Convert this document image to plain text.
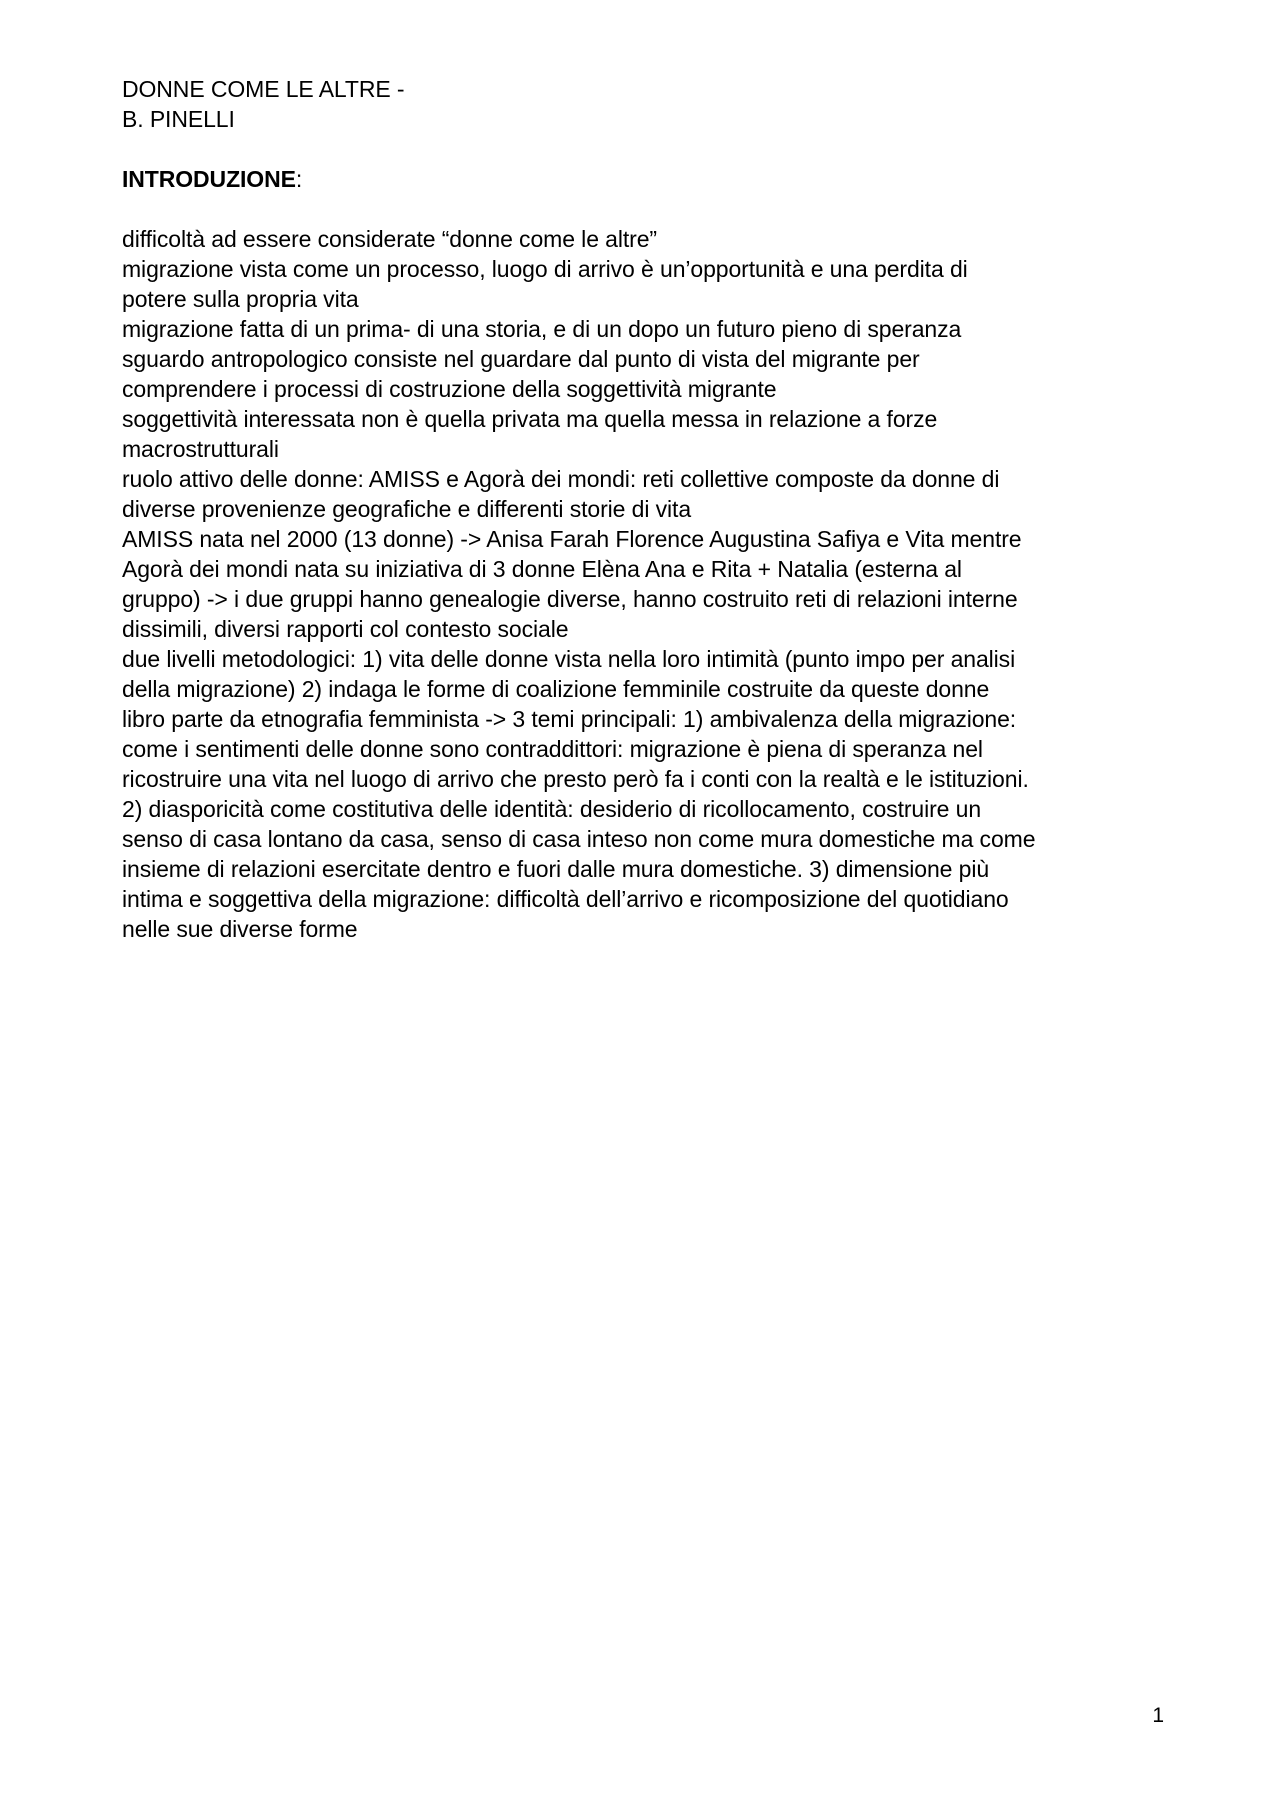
DONNE COME LE ALTRE -
B. PINELLI
INTRODUZIONE:
difficoltà ad essere considerate “donne come le altre”
migrazione vista come un processo, luogo di arrivo è un’opportunità e una perdita di
potere sulla propria vita
migrazione fatta di un prima- di una storia, e di un dopo un futuro pieno di speranza
sguardo antropologico consiste nel guardare dal punto di vista del migrante per
comprendere i processi di costruzione della soggettività migrante
soggettività interessata non è quella privata ma quella messa in relazione a forze
macrostrutturali
ruolo attivo delle donne: AMISS e Agorà dei mondi: reti collettive composte da donne di
diverse provenienze geografiche e differenti storie di vita
AMISS nata nel 2000 (13 donne) -> Anisa Farah Florence Augustina Safiya e Vita mentre
Agorà dei mondi nata su iniziativa di 3 donne Elèna Ana e Rita + Natalia (esterna al
gruppo) -> i due gruppi hanno genealogie diverse, hanno costruito reti di relazioni interne
dissimili, diversi rapporti col contesto sociale
due livelli metodologici: 1) vita delle donne vista nella loro intimità (punto impo per analisi
della migrazione) 2) indaga le forme di coalizione femminile costruite da queste donne
libro parte da etnografia femminista -> 3 temi principali: 1) ambivalenza della migrazione:
come i sentimenti delle donne sono contraddittori: migrazione è piena di speranza nel
ricostruire una vita nel luogo di arrivo che presto però fa i conti con la realtà e le istituzioni.
2) diasporicità come costitutiva delle identità: desiderio di ricollocamento, costruire un
senso di casa lontano da casa, senso di casa inteso non come mura domestiche ma come
insieme di relazioni esercitate dentro e fuori dalle mura domestiche. 3) dimensione più
intima e soggettiva della migrazione: difficoltà dell’arrivo e ricomposizione del quotidiano
nelle sue diverse forme
1
